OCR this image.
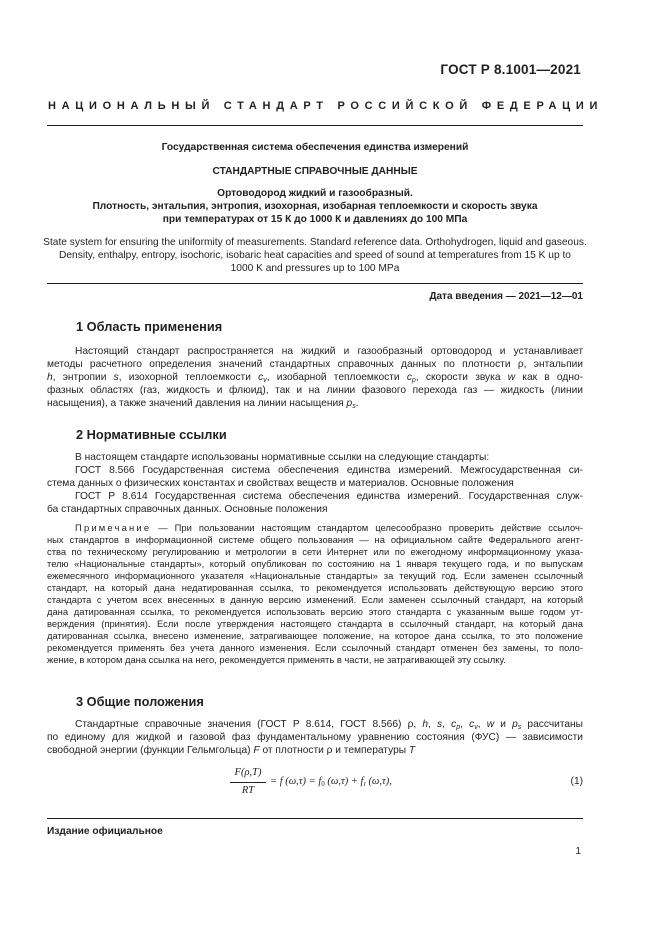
ГОСТ Р 8.1001—2021
НАЦИОНАЛЬНЫЙ СТАНДАРТ РОССИЙСКОЙ ФЕДЕРАЦИИ
Государственная система обеспечения единства измерений
СТАНДАРТНЫЕ СПРАВОЧНЫЕ ДАННЫЕ
Ортоводород жидкий и газообразный.
Плотность, энтальпия, энтропия, изохорная, изобарная теплоемкости и скорость звука
при температурах от 15 К до 1000 К и давлениях до 100 МПа
State system for ensuring the uniformity of measurements. Standard reference data. Orthohydrogen, liquid and gaseous.
Density, enthalpy, entropy, isochoric, isobaric heat capacities and speed of sound at temperatures from 15 K up to
1000 K and pressures up to 100 MPa
Дата введения — 2021—12—01
1 Область применения
Настоящий стандарт распространяется на жидкий и газообразный ортоводород и устанавливает
методы расчетного определения значений стандартных справочных данных по плотности ρ, энтальпии
h, энтропии s, изохорной теплоемкости $c_v$, изобарной теплоемкости $c_p$, скорости звука w как в одно-
фазных областях (газ, жидкость и флюид), так и на линии фазового перехода газ — жидкость (линии
насыщения), а также значений давления на линии насыщения $p_s$.
2 Нормативные ссылки
В настоящем стандарте использованы нормативные ссылки на следующие стандарты:
ГОСТ 8.566 Государственная система обеспечения единства измерений. Межгосударственная си-
стема данных о физических константах и свойствах веществ и материалов. Основные положения
ГОСТ Р 8.614 Государственная система обеспечения единства измерений. Государственная служ-
ба стандартных справочных данных. Основные положения
Примечание — При пользовании настоящим стандартом целесообразно проверить действие ссылоч-
ных стандартов в информационной системе общего пользования — на официальном сайте Федерального агент-
ства по техническому регулированию и метрологии в сети Интернет или по ежегодному информационному указа-
телю «Национальные стандарты», который опубликован по состоянию на 1 января текущего года, и по выпускам
ежемесячного информационного указателя «Национальные стандарты» за текущий год. Если заменен ссылочный
стандарт, на который дана недатированная ссылка, то рекомендуется использовать действующую версию этого
стандарта с учетом всех внесенных в данную версию изменений. Если заменен ссылочный стандарт, на который
дана датированная ссылка, то рекомендуется использовать версию этого стандарта с указанным выше годом ут-
верждения (принятия). Если после утверждения настоящего стандарта в ссылочный стандарт, на который дана
датированная ссылка, внесено изменение, затрагивающее положение, на которое дана ссылка, то это положение
рекомендуется применять без учета данного изменения. Если ссылочный стандарт отменен без замены, то поло-
жение, в котором дана ссылка на него, рекомендуется применять в части, не затрагивающей эту ссылку.
3 Общие положения
Стандартные справочные значения (ГОСТ Р 8.614, ГОСТ 8.566) ρ, h, s, $c_p$, $c_v$, w и $p_s$ рассчитаны
по единому для жидкой и газовой фаз фундаментальному уравнению состояния (ФУС) — зависимости
свободной энергии (функции Гельмгольца) F от плотности ρ и температуры T
F(ρ,T)
RT
= f $(\omega,\tau) = f_0$ $(\omega,\tau) + f_r$ (ω,τ),	(1)
Издание официальное
1
